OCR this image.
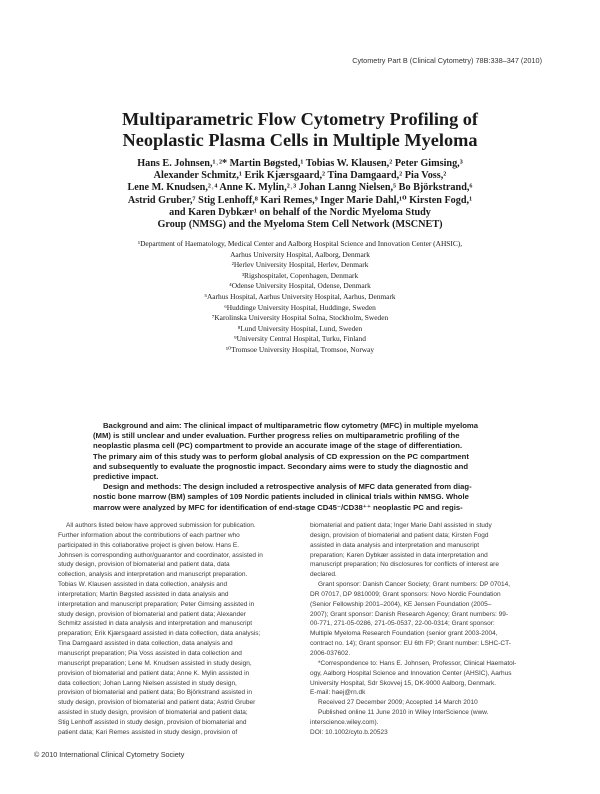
Cytometry Part B (Clinical Cytometry) 78B:338–347 (2010)
Multiparametric Flow Cytometry Profiling of
Neoplastic Plasma Cells in Multiple Myeloma
Hans E. Johnsen,¹˒²* Martin Bøgsted,¹ Tobias W. Klausen,² Peter Gimsing,³
Alexander Schmitz,¹ Erik Kjærsgaard,² Tina Damgaard,² Pia Voss,²
Lene M. Knudsen,²˒⁴ Anne K. Mylin,²˒³ Johan Lanng Nielsen,⁵ Bo Björkstrand,⁶
Astrid Gruber,⁷ Stig Lenhoff,⁸ Kari Remes,⁹ Inger Marie Dahl,¹⁰ Kirsten Fogd,¹
and Karen Dybkær¹ on behalf of the Nordic Myeloma Study
Group (NMSG) and the Myeloma Stem Cell Network (MSCNET)
¹Department of Haematology, Medical Center and Aalborg Hospital Science and Innovation Center (AHSIC),
Aarhus University Hospital, Aalborg, Denmark
²Herlev University Hospital, Herlev, Denmark
³Rigshospitalet, Copenhagen, Denmark
⁴Odense University Hospital, Odense, Denmark
⁵Aarhus Hospital, Aarhus University Hospital, Aarhus, Denmark
⁶Huddinge University Hospital, Huddinge, Sweden
⁷Karolinska University Hospital Solna, Stockholm, Sweden
⁸Lund University Hospital, Lund, Sweden
⁹University Central Hospital, Turku, Finland
¹⁰Tromsoe University Hospital, Tromsoe, Norway
Background and aim: The clinical impact of multiparametric flow cytometry (MFC) in multiple myeloma
(MM) is still unclear and under evaluation. Further progress relies on multiparametric profiling of the
neoplastic plasma cell (PC) compartment to provide an accurate image of the stage of differentiation.
The primary aim of this study was to perform global analysis of CD expression on the PC compartment
and subsequently to evaluate the prognostic impact. Secondary aims were to study the diagnostic and
predictive impact.
Design and methods: The design included a retrospective analysis of MFC data generated from diag-
nostic bone marrow (BM) samples of 109 Nordic patients included in clinical trials within NMSG. Whole
marrow were analyzed by MFC for identification of end-stage CD45⁻/CD38⁺⁺ neoplastic PC and regis-
All authors listed below have approved submission for publication.
Further information about the contributions of each partner who
participated in this collaborative project is given below. Hans E.
Johnsen is corresponding author/guarantor and coordinator, assisted in
study design, provision of biomaterial and patient data, data
collection, analysis and interpretation and manuscript preparation.
Tobias W. Klausen assisted in data collection, analysis and
interpretation; Martin Bøgsted assisted in data analysis and
interpretation and manuscript preparation; Peter Gimsing assisted in
study design, provision of biomaterial and patient data; Alexander
Schmitz assisted in data analysis and interpretation and manuscript
preparation; Erik Kjærsgaard assisted in data collection, data analysis;
Tina Damgaard assisted in data collection, data analysis and
manuscript preparation; Pia Voss assisted in data collection and
manuscript preparation; Lene M. Knudsen assisted in study design,
provision of biomaterial and patient data; Anne K. Mylin assisted in
data collection; Johan Lanng Nielsen assisted in study design,
provision of biomaterial and patient data; Bo Björkstrand assisted in
study design, provision of biomaterial and patient data; Astrid Gruber
assisted in study design, provision of biomaterial and patient data;
Stig Lenhoff assisted in study design, provision of biomaterial and
patient data; Kari Remes assisted in study design, provision of
biomaterial and patient data; Inger Marie Dahl assisted in study
design, provision of biomaterial and patient data; Kirsten Fogd
assisted in data analysis and interpretation and manuscript
preparation; Karen Dybkær assisted in data interpretation and
manuscript preparation; No disclosures for conflicts of interest are
declared.
Grant sponsor: Danish Cancer Society; Grant numbers: DP 07014,
DR 07017, DP 9810009; Grant sponsors: Novo Nordic Foundation
(Senior Fellowship 2001–2004), KE Jensen Foundation (2005–
2007); Grant sponsor: Danish Research Agency; Grant numbers: 99-
00-771, 271-05-0286, 271-05-0537, 22-00-0314; Grant sponsor:
Multiple Myeloma Research Foundation (senior grant 2003-2004,
contract no. 14); Grant sponsor: EU 6th FP; Grant number: LSHC-CT-
2006-037602.
*Correspondence to: Hans E. Johnsen, Professor, Clinical Haematol-
ogy, Aalborg Hospital Science and Innovation Center (AHSIC), Aarhus
University Hospital, Sdr Skovvej 15, DK-9000 Aalborg, Denmark.
E-mail: haej@rn.dk
Received 27 December 2009; Accepted 14 March 2010
Published online 11 June 2010 in Wiley InterScience (www.
interscience.wiley.com).
DOI: 10.1002/cyto.b.20523
© 2010 International Clinical Cytometry Society
